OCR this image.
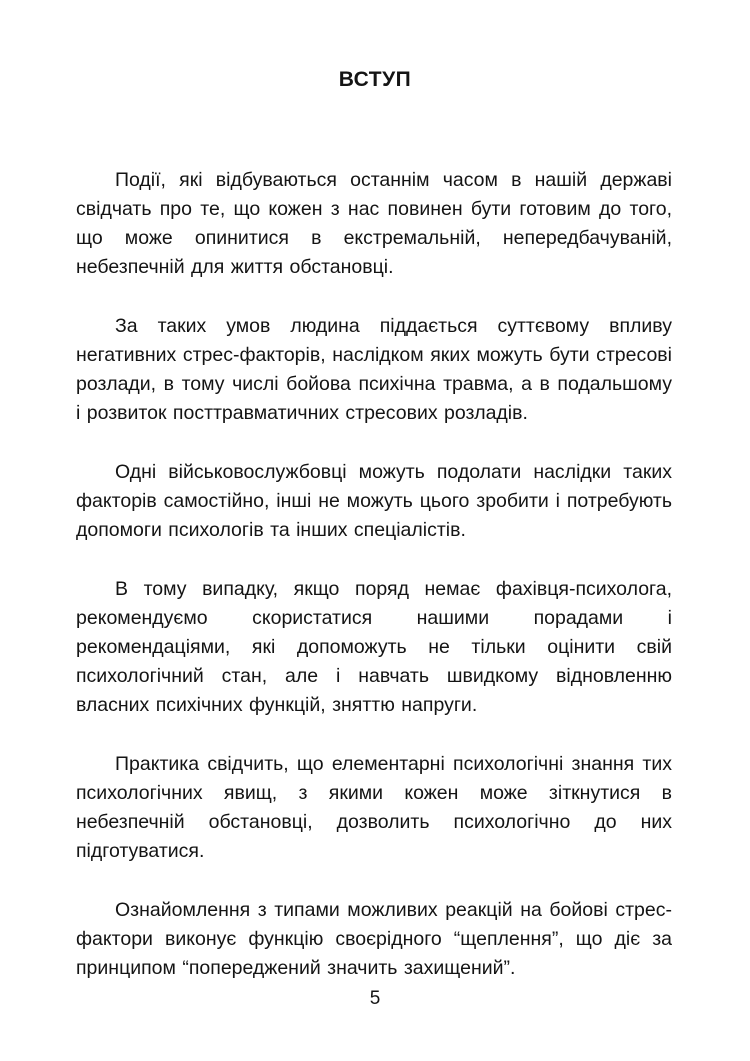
ВСТУП

Події, які відбуваються останнім часом в нашій державі свідчать про те, що кожен з нас повинен бути готовим до того, що може опинитися в екстремальній, непередбачуваній, небезпечній для життя обстановці.

За таких умов людина піддається суттєвому впливу негативних стрес-факторів, наслідком яких можуть бути стресові розлади, в тому числі бойова психічна травма, а в подальшому і розвиток посттравматичних стресових розладів.

Одні військовослужбовці можуть подолати наслідки таких факторів самостійно, інші не можуть цього зробити і потребують допомоги психологів та інших спеціалістів.

В тому випадку, якщо поряд немає фахівця-психолога, рекомендуємо скористатися нашими порадами і рекомендаціями, які допоможуть не тільки оцінити свій психологічний стан, але і навчать швидкому відновленню власних психічних функцій, зняттю напруги.

Практика свідчить, що елементарні психологічні знання тих психологічних явищ, з якими кожен може зіткнутися в небезпечній обстановці, дозволить психологічно до них підготуватися.

Ознайомлення з типами можливих реакцій на бойові стрес-фактори виконує функцію своєрідного “щеплення”, що діє за принципом “попереджений значить захищений”.

5
